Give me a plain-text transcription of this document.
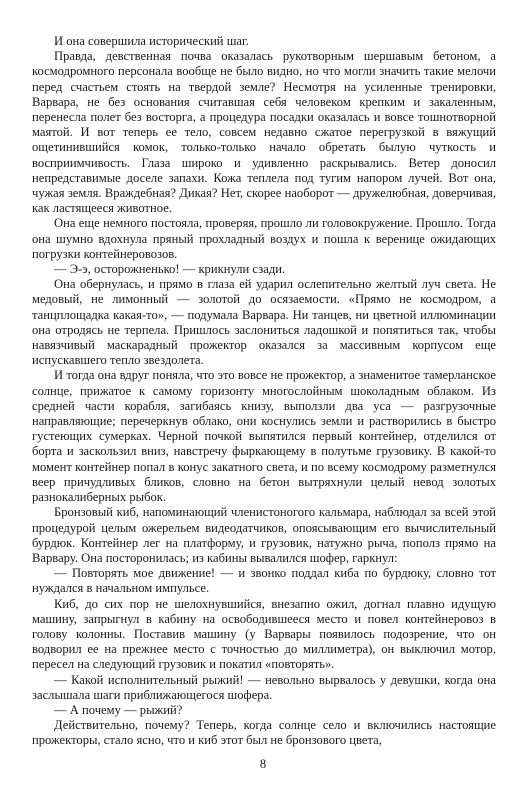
И она совершила исторический шаг.

Правда, девственная почва оказалась рукотворным шершавым бетоном, а космодромного персонала вообще не было видно, но что могли значить такие мелочи перед счастьем стоять на твердой земле? Несмотря на усиленные тренировки, Варвара, не без основания считавшая себя человеком крепким и закаленным, перенесла полет без восторга, а процедура посадки оказалась и вовсе тошнотворной маятой. И вот теперь ее тело, совсем недавно сжатое перегрузкой в вяжущий ощетинившийся комок, только-только начало обретать былую чуткость и восприимчивость. Глаза широко и удивленно раскрывались. Ветер доносил непредставимые доселе запахи. Кожа теплела под тугим напором лучей. Вот она, чужая земля. Враждебная? Дикая? Нет, скорее наоборот — дружелюбная, доверчивая, как ластящееся животное.

Она еще немного постояла, проверяя, прошло ли головокружение. Прошло. Тогда она шумно вдохнула пряный прохладный воздух и пошла к веренице ожидающих погрузки контейнеровозов.

— Э-э, осторожненько! — крикнули сзади.

Она обернулась, и прямо в глаза ей ударил ослепительно желтый луч света. Не медовый, не лимонный — золотой до осязаемости. «Прямо не космодром, а танцплощадка какая-то», — подумала Варвара. Ни танцев, ни цветной иллюминации она отродясь не терпела. Пришлось заслониться ладошкой и попятиться так, чтобы навязчивый маскарадный прожектор оказался за массивным корпусом еще испускавшего тепло звездолета.

И тогда она вдруг поняла, что это вовсе не прожектор, а знаменитое тамерланское солнце, прижатое к самому горизонту многослойным шоколадным облаком. Из средней части корабля, загибаясь книзу, выползли два уса — разгрузочные направляющие; перечеркнув облако, они коснулись земли и растворились в быстро густеющих сумерках. Черной почкой выпятился первый контейнер, отделился от борта и заскользил вниз, навстречу фыркающему в полутьме грузовику. В какой-то момент контейнер попал в конус закатного света, и по всему космодрому разметнулся веер причудливых бликов, словно на бетон вытряхнули целый невод золотых разнокалиберных рыбок.

Бронзовый киб, напоминающий членистоногого кальмара, наблюдал за всей этой процедурой целым ожерельем видеодатчиков, опоясывающим его вычислительный бурдюк. Контейнер лег на платформу, и грузовик, натужно рыча, пополз прямо на Варвару. Она посторонилась; из кабины вывалился шофер, гаркнул:

— Повторять мое движение! — и звонко поддал киба по бурдюку, словно тот нуждался в начальном импульсе.

Киб, до сих пор не шелохнувшийся, внезапно ожил, догнал плавно идущую машину, запрыгнул в кабину на освободившееся место и повел контейнеровоз в голову колонны. Поставив машину (у Варвары появилось подозрение, что он водворил ее на прежнее место с точностью до миллиметра), он выключил мотор, пересел на следующий грузовик и покатил «повторять».

— Какой исполнительный рыжий! — невольно вырвалось у девушки, когда она заслышала шаги приближающегося шофера.

— А почему — рыжий?

Действительно, почему? Теперь, когда солнце село и включились настоящие прожекторы, стало ясно, что и киб этот был не бронзового цвета,

8
